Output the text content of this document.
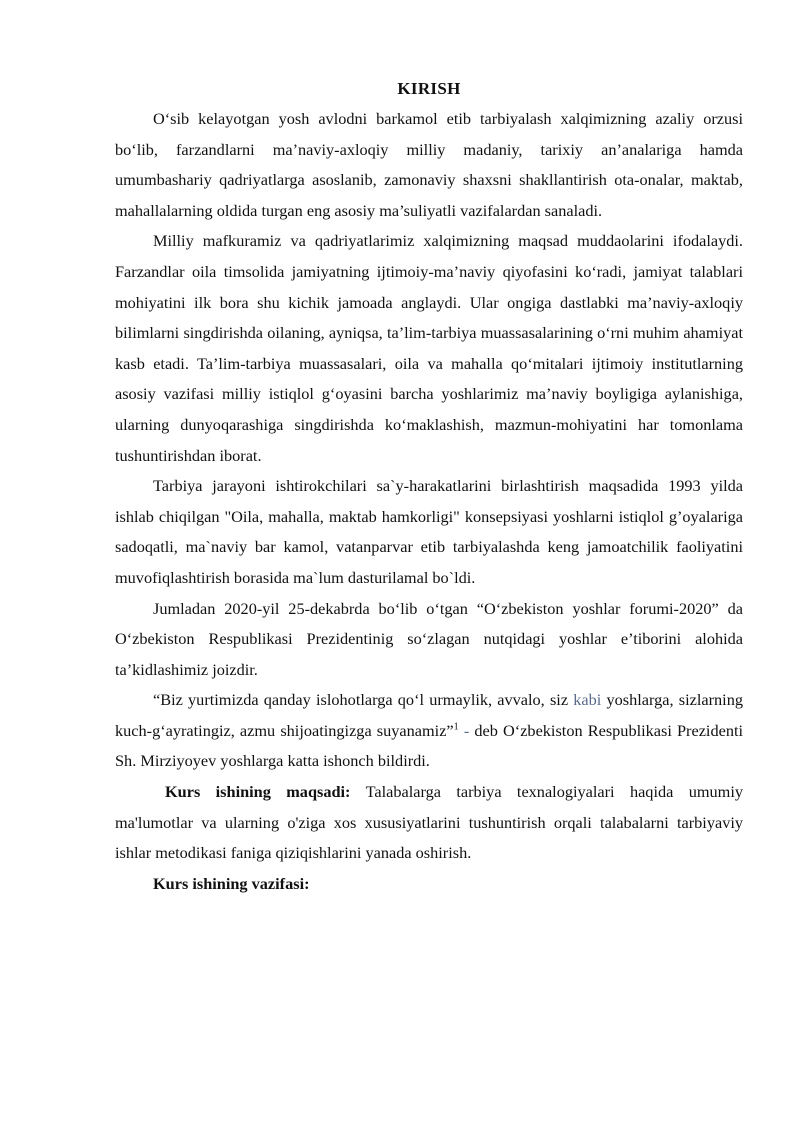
KIRISH

O‘sib kelayotgan yosh avlodni barkamol etib tarbiyalash xalqimizning azaliy orzusi bo‘lib, farzandlarni ma’naviy-axloqiy milliy madaniy, tarixiy an’analariga hamda umumbashariy qadriyatlarga asoslanib, zamonaviy shaxsni shakllantirish ota-onalar, maktab, mahallalarning oldida turgan eng asosiy ma’suliyatli vazifalardan sanaladi.

Milliy mafkuramiz va qadriyatlarimiz xalqimizning maqsad muddaolarini ifodalaydi. Farzandlar oila timsolida jamiyatning ijtimoiy-ma’naviy qiyofasini ko‘radi, jamiyat talablari mohiyatini ilk bora shu kichik jamoada anglaydi. Ular ongiga dastlabki ma’naviy-axloqiy bilimlarni singdirishda oilaning, ayniqsa, ta’lim-tarbiya muassasalarining o‘rni muhim ahamiyat kasb etadi. Ta’lim-tarbiya muassasalari, oila va mahalla qo‘mitalari ijtimoiy institutlarning asosiy vazifasi milliy istiqlol g‘oyasini barcha yoshlarimiz ma’naviy boyligiga aylanishiga, ularning dunyoqarashiga singdirishda ko‘maklashish, mazmun-mohiyatini har tomonlama tushuntirishdan iborat.

Tarbiya jarayoni ishtirokchilari sa`y-harakatlarini birlashtirish maqsadida 1993 yilda ishlab chiqilgan "Oila, mahalla, maktab hamkorligi" konsepsiyasi yoshlarni istiqlol g’oyalariga sadoqatli, ma`naviy bar kamol, vatanparvar etib tarbiyalashda keng jamoatchilik faoliyatini muvofiqlashtirish borasida ma`lum dasturilamal bo`ldi.

Jumladan 2020-yil 25-dekabrda bo‘lib o‘tgan “O‘zbekiston yoshlar forumi-2020” da O‘zbekiston Respublikasi Prezidentinig so‘zlagan nutqidagi yoshlar e’tiborini alohida ta’kidlashimiz joizdir.

“Biz yurtimizda qanday islohotlarga qo‘l urmaylik, avvalo, siz kabi yoshlarga, sizlarning kuch-g‘ayratingiz, azmu shijoatingizga suyanamiz”$^1$ - deb O‘zbekiston Respublikasi Prezidenti Sh. Mirziyoyev yoshlarga katta ishonch bildirdi.

Kurs ishining maqsadi: Talabalarga tarbiya texnalogiyalari haqida umumiy ma'lumotlar va ularning o'ziga xos xususiyatlarini tushuntirish orqali talabalarni tarbiyaviy ishlar metodikasi faniga qiziqishlarini yanada oshirish.

Kurs ishining vazifasi:
